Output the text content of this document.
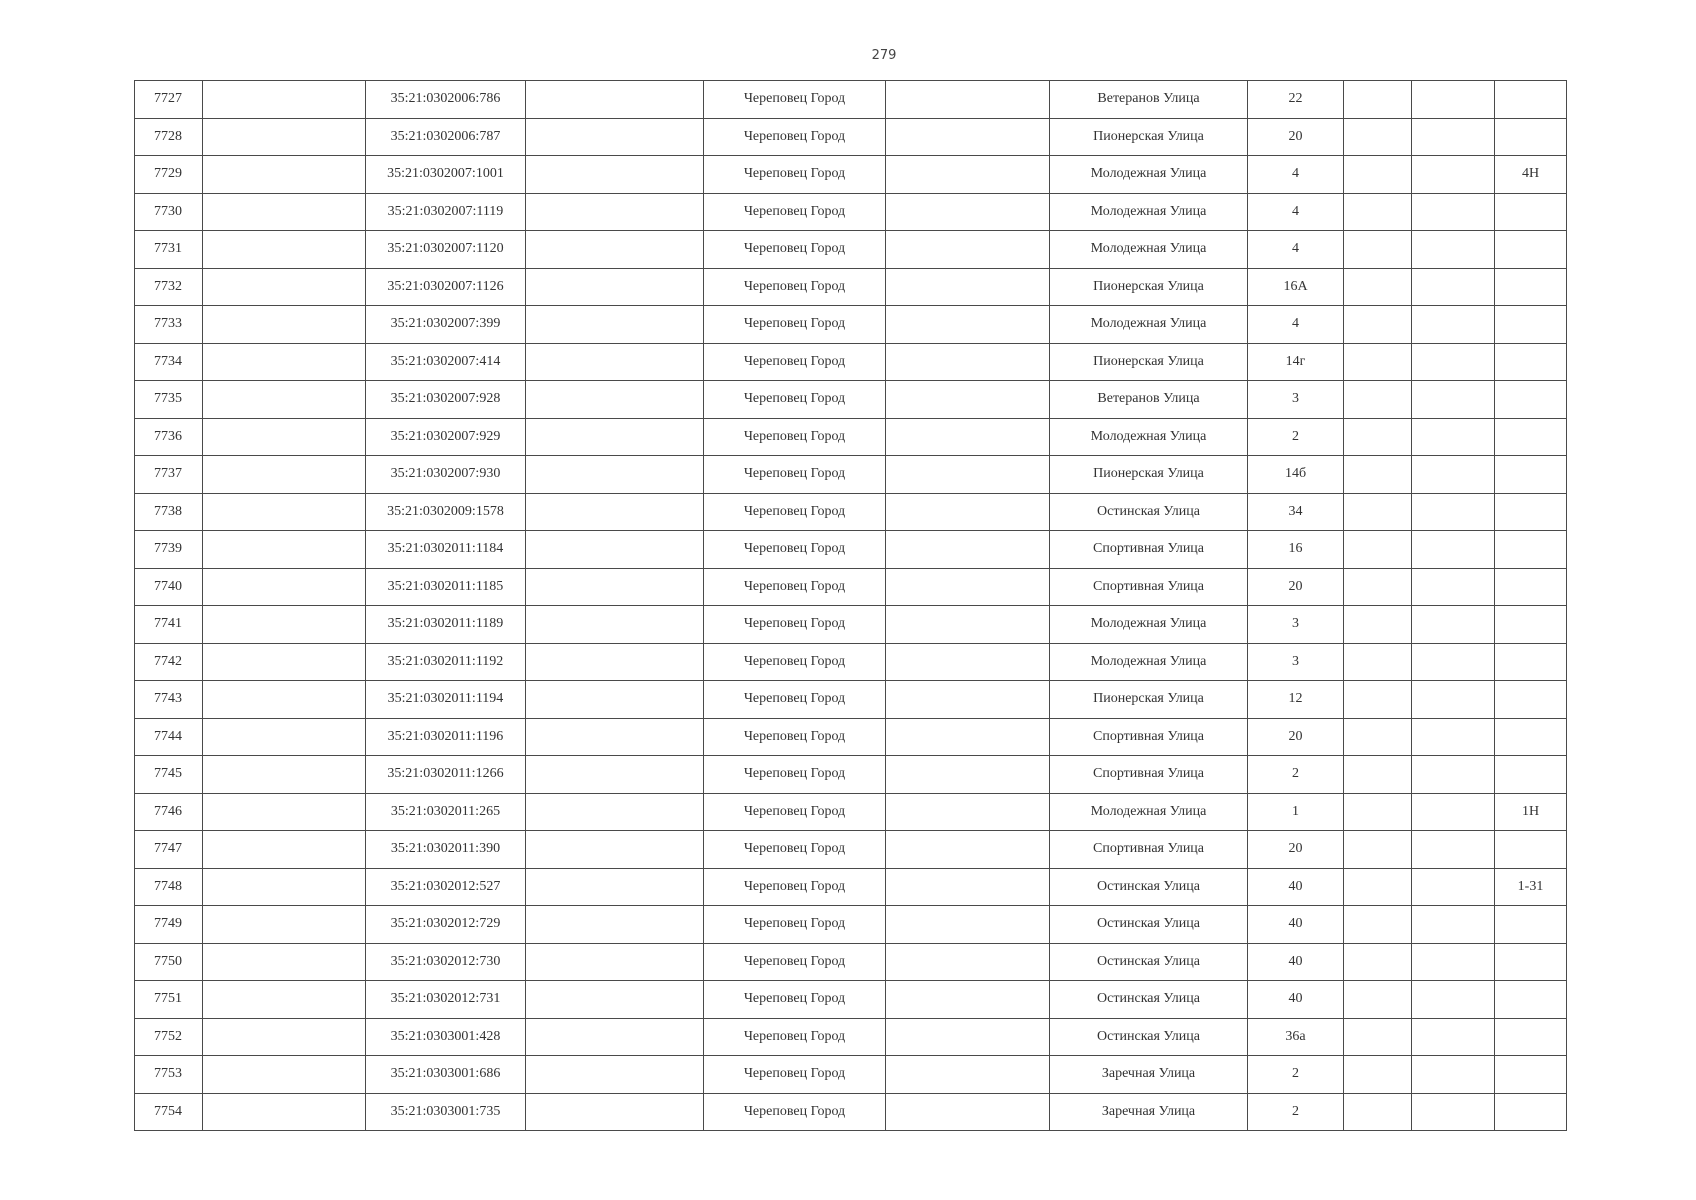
279
7727		35:21:0302006:786		Череповец Город		Ветеранов Улица	22			
7728		35:21:0302006:787		Череповец Город		Пионерская Улица	20			
7729		35:21:0302007:1001		Череповец Город		Молодежная Улица	4			4Н
7730		35:21:0302007:1119		Череповец Город		Молодежная Улица	4			
7731		35:21:0302007:1120		Череповец Город		Молодежная Улица	4			
7732		35:21:0302007:1126		Череповец Город		Пионерская Улица	16А			
7733		35:21:0302007:399		Череповец Город		Молодежная Улица	4			
7734		35:21:0302007:414		Череповец Город		Пионерская Улица	14г			
7735		35:21:0302007:928		Череповец Город		Ветеранов Улица	3			
7736		35:21:0302007:929		Череповец Город		Молодежная Улица	2			
7737		35:21:0302007:930		Череповец Город		Пионерская Улица	14б			
7738		35:21:0302009:1578		Череповец Город		Остинская Улица	34			
7739		35:21:0302011:1184		Череповец Город		Спортивная Улица	16			
7740		35:21:0302011:1185		Череповец Город		Спортивная Улица	20			
7741		35:21:0302011:1189		Череповец Город		Молодежная Улица	3			
7742		35:21:0302011:1192		Череповец Город		Молодежная Улица	3			
7743		35:21:0302011:1194		Череповец Город		Пионерская Улица	12			
7744		35:21:0302011:1196		Череповец Город		Спортивная Улица	20			
7745		35:21:0302011:1266		Череповец Город		Спортивная Улица	2			
7746		35:21:0302011:265		Череповец Город		Молодежная Улица	1			1Н
7747		35:21:0302011:390		Череповец Город		Спортивная Улица	20			
7748		35:21:0302012:527		Череповец Город		Остинская Улица	40			1-31
7749		35:21:0302012:729		Череповец Город		Остинская Улица	40			
7750		35:21:0302012:730		Череповец Город		Остинская Улица	40			
7751		35:21:0302012:731		Череповец Город		Остинская Улица	40			
7752		35:21:0303001:428		Череповец Город		Остинская Улица	36а			
7753		35:21:0303001:686		Череповец Город		Заречная Улица	2			
7754		35:21:0303001:735		Череповец Город		Заречная Улица	2			
